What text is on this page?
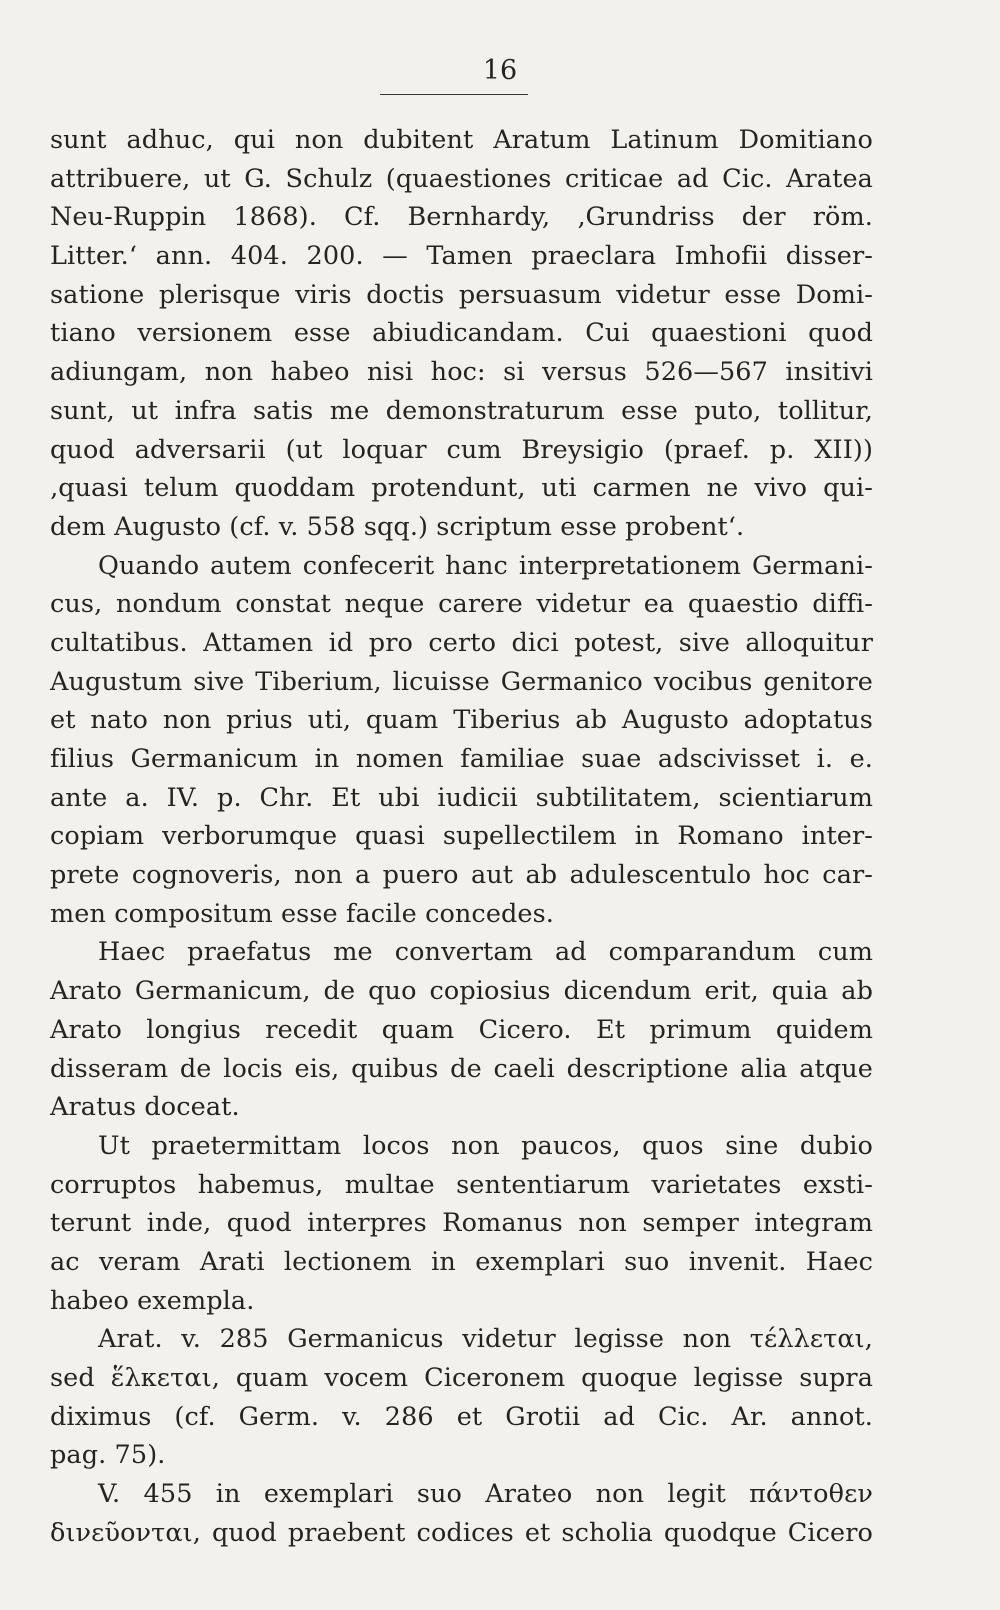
16

sunt adhuc, qui non dubitent Aratum Latinum Domitiano
attribuere, ut G. Schulz (quaestiones criticae ad Cic. Aratea
Neu-Ruppin 1868). Cf. Bernhardy, ‚Grundriss der röm.
Litter.‘ ann. 404. 200. — Tamen praeclara Imhofii disser-
satione plerisque viris doctis persuasum videtur esse Domi-
tiano versionem esse abiudicandam. Cui quaestioni quod
adiungam, non habeo nisi hoc: si versus 526—567 insitivi
sunt, ut infra satis me demonstraturum esse puto, tollitur,
quod adversarii (ut loquar cum Breysigio (praef. p. XII))
‚quasi telum quoddam protendunt, uti carmen ne vivo qui-
dem Augusto (cf. v. 558 sqq.) scriptum esse probent‘.

Quando autem confecerit hanc interpretationem Germani-
cus, nondum constat neque carere videtur ea quaestio diffi-
cultatibus. Attamen id pro certo dici potest, sive alloquitur
Augustum sive Tiberium, licuisse Germanico vocibus genitore
et nato non prius uti, quam Tiberius ab Augusto adoptatus
filius Germanicum in nomen familiae suae adscivisset i. e.
ante a. IV. p. Chr. Et ubi iudicii subtilitatem, scientiarum
copiam verborumque quasi supellectilem in Romano inter-
prete cognoveris, non a puero aut ab adulescentulo hoc car-
men compositum esse facile concedes.

Haec praefatus me convertam ad comparandum cum
Arato Germanicum, de quo copiosius dicendum erit, quia ab
Arato longius recedit quam Cicero. Et primum quidem
disseram de locis eis, quibus de caeli descriptione alia atque
Aratus doceat.

Ut praetermittam locos non paucos, quos sine dubio
corruptos habemus, multae sententiarum varietates exsti-
terunt inde, quod interpres Romanus non semper integram
ac veram Arati lectionem in exemplari suo invenit. Haec
habeo exempla.

Arat. v. 285 Germanicus videtur legisse non τέλλεται,
sed ἕλκεται, quam vocem Ciceronem quoque legisse supra
diximus (cf. Germ. v. 286 et Grotii ad Cic. Ar. annot.
pag. 75).

V. 455 in exemplari suo Arateo non legit πάντοθεν
δινεῦονται, quod praebent codices et scholia quodque Cicero
